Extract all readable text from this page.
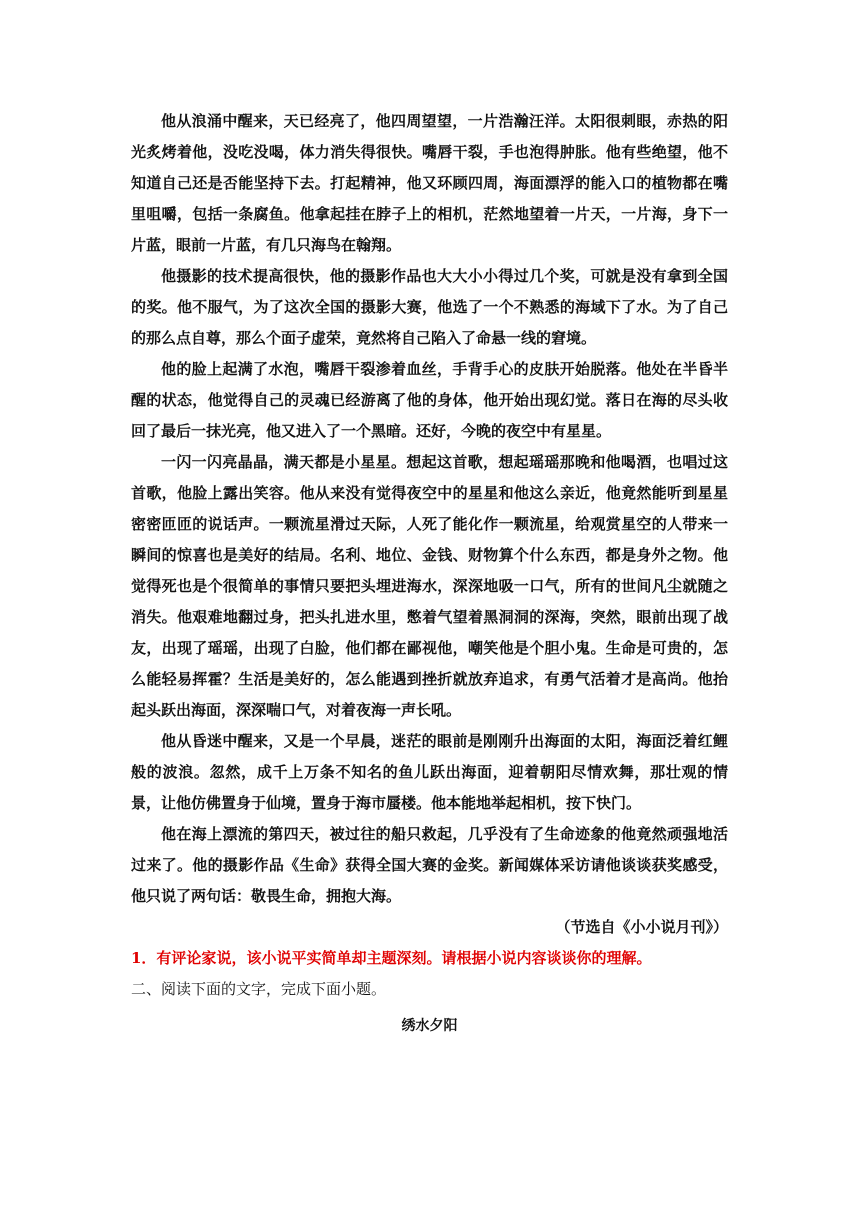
他从浪涌中醒来，天已经亮了，他四周望望，一片浩瀚汪洋。太阳很刺眼，赤热的阳光炙烤着他，没吃没喝，体力消失得很快。嘴唇干裂，手也泡得肿胀。他有些绝望，他不知道自己还是否能坚持下去。打起精神，他又环顾四周，海面漂浮的能入口的植物都在嘴里咀嚼，包括一条腐鱼。他拿起挂在脖子上的相机，茫然地望着一片天，一片海，身下一片蓝，眼前一片蓝，有几只海鸟在翰翔。

他摄影的技术提高很快，他的摄影作品也大大小小得过几个奖，可就是没有拿到全国的奖。他不服气，为了这次全国的摄影大赛，他选了一个不熟悉的海域下了水。为了自己的那么点自尊，那么个面子虚荣，竟然将自己陷入了命悬一线的窘境。

他的脸上起满了水泡，嘴唇干裂渗着血丝，手背手心的皮肤开始脱落。他处在半昏半醒的状态，他觉得自己的灵魂已经游离了他的身体，他开始出现幻觉。落日在海的尽头收回了最后一抹光亮，他又进入了一个黑暗。还好，今晚的夜空中有星星。

一闪一闪亮晶晶，满天都是小星星。想起这首歌，想起瑶瑶那晚和他喝酒，也唱过这首歌，他脸上露出笑容。他从来没有觉得夜空中的星星和他这么亲近，他竟然能听到星星密密匝匝的说话声。一颗流星滑过天际，人死了能化作一颗流星，给观赏星空的人带来一瞬间的惊喜也是美好的结局。名利、地位、金钱、财物算个什么东西，都是身外之物。他觉得死也是个很简单的事情只要把头埋进海水，深深地吸一口气，所有的世间凡尘就随之消失。他艰难地翻过身，把头扎进水里，憋着气望着黑洞洞的深海，突然，眼前出现了战友，出现了瑶瑶，出现了白脸，他们都在鄙视他，嘲笑他是个胆小鬼。生命是可贵的，怎么能轻易挥霍？生活是美好的，怎么能遇到挫折就放弃追求，有勇气活着才是高尚。他抬起头跃出海面，深深喘口气，对着夜海一声长吼。

他从昏迷中醒来，又是一个早晨，迷茫的眼前是刚刚升出海面的太阳，海面泛着红鲤般的波浪。忽然，成千上万条不知名的鱼儿跃出海面，迎着朝阳尽情欢舞，那壮观的情景，让他仿佛置身于仙境，置身于海市蜃楼。他本能地举起相机，按下快门。

他在海上漂流的第四天，被过往的船只救起，几乎没有了生命迹象的他竟然顽强地活过来了。他的摄影作品《生命》获得全国大赛的金奖。新闻媒体采访请他谈谈获奖感受，他只说了两句话：敬畏生命，拥抱大海。

（节选自《小小说月刊》）

1．有评论家说，该小说平实简单却主题深刻。请根据小说内容谈谈你的理解。

二、阅读下面的文字，完成下面小题。

绣水夕阳
